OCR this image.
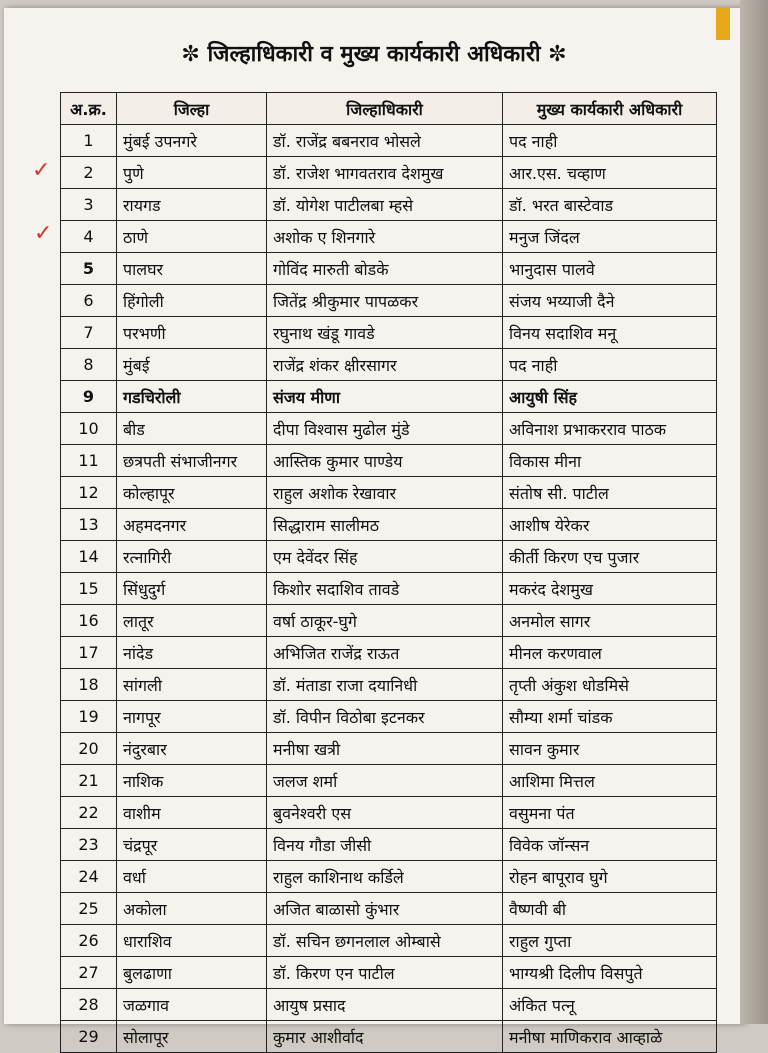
✼ जिल्हाधिकारी व मुख्य कार्यकारी अधिकारी ✼
✓
✓
अ.क्र.	जिल्हा	जिल्हाधिकारी	मुख्य कार्यकारी अधिकारी
1	मुंबई उपनगरे	डॉ. राजेंद्र बबनराव भोसले	पद नाही
2	पुणे	डॉ. राजेश भागवतराव देशमुख	आर.एस. चव्हाण
3	रायगड	डॉ. योगेश पाटीलबा म्हसे	डॉ. भरत बास्टेवाड
4	ठाणे	अशोक ए शिनगारे	मनुज जिंदल
5	पालघर	गोविंद मारुती बोडके	भानुदास पालवे
6	हिंगोली	जितेंद्र श्रीकुमार पापळकर	संजय भय्याजी दैने
7	परभणी	रघुनाथ खंडू गावडे	विनय सदाशिव मनू
8	मुंबई	राजेंद्र शंकर क्षीरसागर	पद नाही
9	गडचिरोली	संजय मीणा	आयुषी सिंह
10	बीड	दीपा विश्वास मुढोल मुंडे	अविनाश प्रभाकरराव पाठक
11	छत्रपती संभाजीनगर	आस्तिक कुमार पाण्डेय	विकास मीना
12	कोल्हापूर	राहुल अशोक रेखावार	संतोष सी. पाटील
13	अहमदनगर	सिद्धाराम सालीमठ	आशीष येरेकर
14	रत्नागिरी	एम देवेंदर सिंह	कीर्ती किरण एच पुजार
15	सिंधुदुर्ग	किशोर सदाशिव तावडे	मकरंद देशमुख
16	लातूर	वर्षा ठाकूर-घुगे	अनमोल सागर
17	नांदेड	अभिजित राजेंद्र राऊत	मीनल करणवाल
18	सांगली	डॉ. मंताडा राजा दयानिधी	तृप्ती अंकुश धोडमिसे
19	नागपूर	डॉ. विपीन विठोबा इटनकर	सौम्या शर्मा चांडक
20	नंदुरबार	मनीषा खत्री	सावन कुमार
21	नाशिक	जलज शर्मा	आशिमा मित्तल
22	वाशीम	बुवनेश्वरी एस	वसुमना पंत
23	चंद्रपूर	विनय गौडा जीसी	विवेक जॉन्सन
24	वर्धा	राहुल काशिनाथ कर्डिले	रोहन बापूराव घुगे
25	अकोला	अजित बाळासो कुंभार	वैष्णवी बी
26	धाराशिव	डॉ. सचिन छगनलाल ओम्बासे	राहुल गुप्ता
27	बुलढाणा	डॉ. किरण एन पाटील	भाग्यश्री दिलीप विसपुते
28	जळगाव	आयुष प्रसाद	अंकित पत्नू
29	सोलापूर	कुमार आशीर्वाद	मनीषा माणिकराव आव्हाळे
